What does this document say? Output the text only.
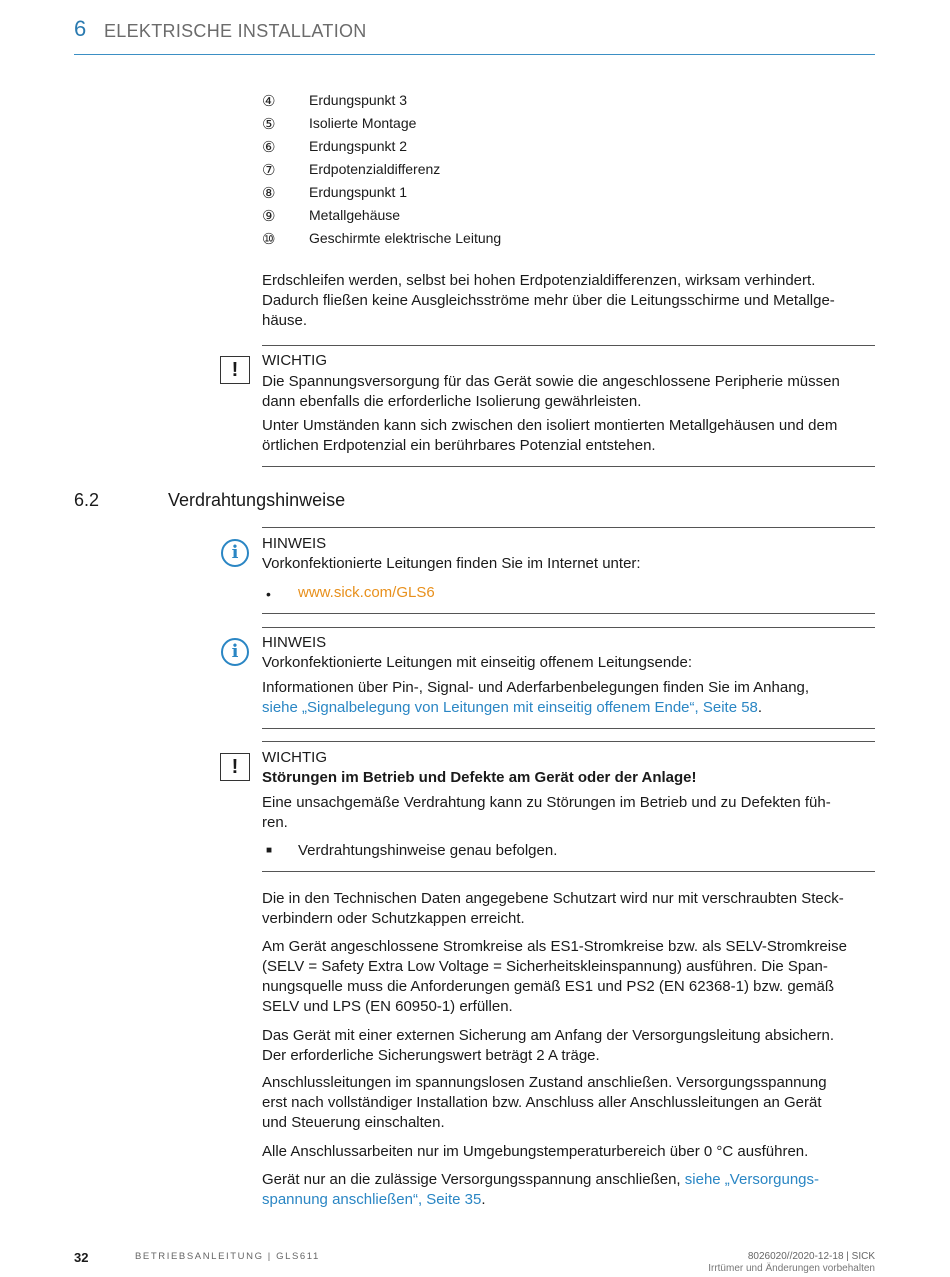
6 ELEKTRISCHE INSTALLATION
④ Erdungspunkt 3
⑤ Isolierte Montage
⑥ Erdungspunkt 2
⑦ Erdpotenzialdifferenz
⑧ Erdungspunkt 1
⑨ Metallgehäuse
⑩ Geschirmte elektrische Leitung
Erdschleifen werden, selbst bei hohen Erdpotenzialdifferenzen, wirksam verhindert.
Dadurch fließen keine Ausgleichsströme mehr über die Leitungsschirme und Metallge-
häuse.
!	WICHTIG
Die Spannungsversorgung für das Gerät sowie die angeschlossene Peripherie müssen
dann ebenfalls die erforderliche Isolierung gewährleisten.
Unter Umständen kann sich zwischen den isoliert montierten Metallgehäusen und dem
örtlichen Erdpotenzial ein berührbares Potenzial entstehen.
6.2	Verdrahtungshinweise
i	HINWEIS
Vorkonfektionierte Leitungen finden Sie im Internet unter:
• www.sick.com/GLS6
i	HINWEIS
Vorkonfektionierte Leitungen mit einseitig offenem Leitungsende:
Informationen über Pin-, Signal- und Aderfarbenbelegungen finden Sie im Anhang,
siehe „Signalbelegung von Leitungen mit einseitig offenem Ende“, Seite 58.
!	WICHTIG
Störungen im Betrieb und Defekte am Gerät oder der Anlage!
Eine unsachgemäße Verdrahtung kann zu Störungen im Betrieb und zu Defekten füh-
ren.
■ Verdrahtungshinweise genau befolgen.
Die in den Technischen Daten angegebene Schutzart wird nur mit verschraubten Steck-
verbindern oder Schutzkappen erreicht.
Am Gerät angeschlossene Stromkreise als ES1-Stromkreise bzw. als SELV-Stromkreise
(SELV = Safety Extra Low Voltage = Sicherheitskleinspannung) ausführen. Die Span-
nungsquelle muss die Anforderungen gemäß ES1 und PS2 (EN 62368-1) bzw. gemäß
SELV und LPS (EN 60950-1) erfüllen.
Das Gerät mit einer externen Sicherung am Anfang der Versorgungsleitung absichern.
Der erforderliche Sicherungswert beträgt 2 A träge.
Anschlussleitungen im spannungslosen Zustand anschließen. Versorgungsspannung
erst nach vollständiger Installation bzw. Anschluss aller Anschlussleitungen an Gerät
und Steuerung einschalten.
Alle Anschlussarbeiten nur im Umgebungstemperaturbereich über 0 °C ausführen.
Gerät nur an die zulässige Versorgungsspannung anschließen, siehe „Versorgungs-
spannung anschließen“, Seite 35.
32	BETRIEBSANLEITUNG | GLS611	8026020//2020-12-18 | SICK
Irrtümer und Änderungen vorbehalten
